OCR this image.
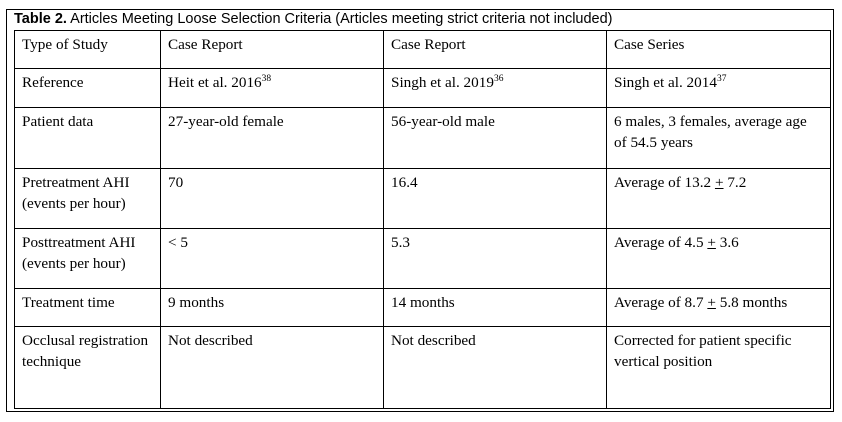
Table 2. Articles Meeting Loose Selection Criteria (Articles meeting strict criteria not included)
Type of Study	Case Report	Case Report	Case Series
Reference	Heit et al. 2016$^{38}$	Singh et al. 2019$^{36}$	Singh et al. 2014$^{37}$
Patient data	27-year-old female	56-year-old male	6 males, 3 females, average age of 54.5 years
Pretreatment AHI (events per hour)	70	16.4	Average of 13.2 + 7.2
Posttreatment AHI (events per hour)	< 5	5.3	Average of 4.5 + 3.6
Treatment time	9 months	14 months	Average of 8.7 + 5.8 months
Occlusal registration technique	Not described	Not described	Corrected for patient specific vertical position
